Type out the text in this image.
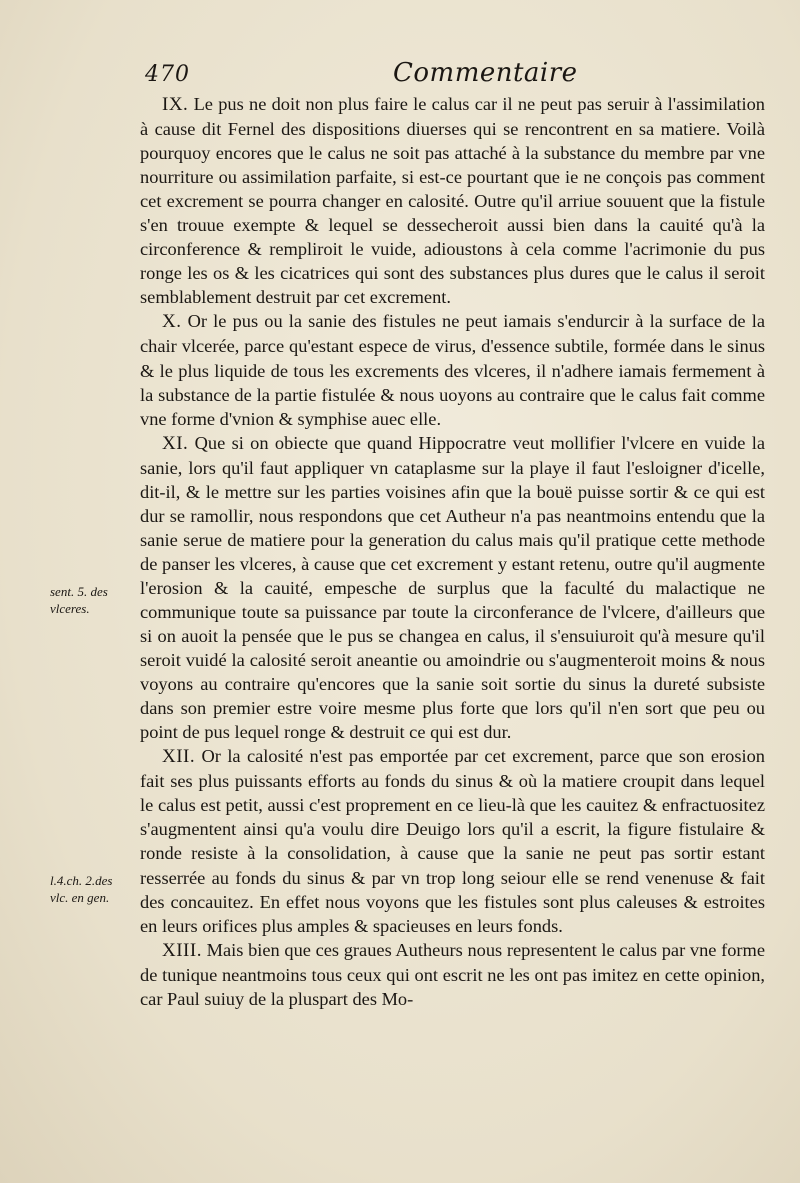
470	Commentaire
sent. 5. des vlceres.
l.4.ch. 2.des vlc. en gen.

IX. Le pus ne doit non plus faire le calus car il ne peut pas seruir à l'assimilation à cause dit Fernel des dispositions diuerses qui se rencontrent en sa matiere. Voilà pourquoy encores que le calus ne soit pas attaché à la substance du membre par vne nourriture ou assimilation parfaite, si est-ce pourtant que ie ne conçois pas comment cet excrement se pourra changer en calosité. Outre qu'il arriue souuent que la fistule s'en trouue exempte & lequel se dessecheroit aussi bien dans la cauité qu'à la circonference & rempliroit le vuide, adioustons à cela comme l'acrimonie du pus ronge les os & les cicatrices qui sont des substances plus dures que le calus il seroit semblablement destruit par cet excrement.

X. Or le pus ou la sanie des fistules ne peut iamais s'endurcir à la surface de la chair vlcerée, parce qu'estant espece de virus, d'essence subtile, formée dans le sinus & le plus liquide de tous les excrements des vlceres, il n'adhere iamais fermement à la substance de la partie fistulée & nous uoyons au contraire que le calus fait comme vne forme d'vnion & symphise auec elle.

XI. Que si on obiecte que quand Hippocratre veut mollifier l'vlcere en vuide la sanie, lors qu'il faut appliquer vn cataplasme sur la playe il faut l'esloigner d'icelle, dit-il, & le mettre sur les parties voisines afin que la bouë puisse sortir & ce qui est dur se ramollir, nous respondons que cet Autheur n'a pas neantmoins entendu que la sanie serue de matiere pour la generation du calus mais qu'il pratique cette methode de panser les vlceres, à cause que cet excrement y estant retenu, outre qu'il augmente l'erosion & la cauité, empesche de surplus que la faculté du malactique ne communique toute sa puissance par toute la circonferance de l'vlcere, d'ailleurs que si on auoit la pensée que le pus se changea en calus, il s'ensuiuroit qu'à mesure qu'il seroit vuidé la calosité seroit aneantie ou amoindrie ou s'augmenteroit moins & nous voyons au contraire qu'encores que la sanie soit sortie du sinus la dureté subsiste dans son premier estre voire mesme plus forte que lors qu'il n'en sort que peu ou point de pus lequel ronge & destruit ce qui est dur.

XII. Or la calosité n'est pas emportée par cet excrement, parce que son erosion fait ses plus puissants efforts au fonds du sinus & où la matiere croupit dans lequel le calus est petit, aussi c'est proprement en ce lieu-là que les cauitez & enfractuositez s'augmentent ainsi qu'a voulu dire Deuigo lors qu'il a escrit, la figure fistulaire & ronde resiste à la consolidation, à cause que la sanie ne peut pas sortir estant resserrée au fonds du sinus & par vn trop long seiour elle se rend venenuse & fait des concauitez. En effet nous voyons que les fistules sont plus caleuses & estroites en leurs orifices plus amples & spacieuses en leurs fonds.

XIII. Mais bien que ces graues Autheurs nous representent le calus par vne forme de tunique neantmoins tous ceux qui ont escrit ne les ont pas imitez en cette opinion, car Paul suiuy de la pluspart des Mo-
